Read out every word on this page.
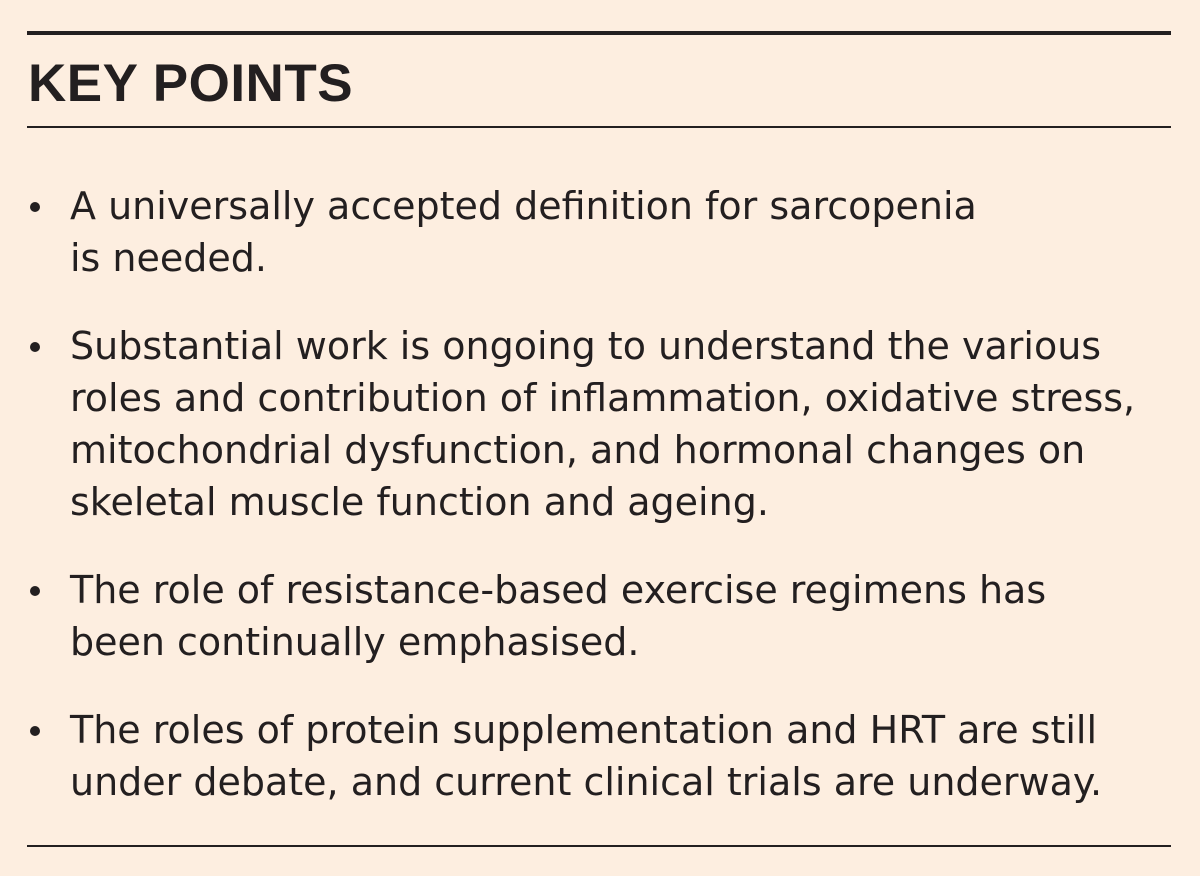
KEY POINTS
A universally accepted definition for sarcopenia
is needed.
Substantial work is ongoing to understand the various
roles and contribution of inflammation, oxidative stress,
mitochondrial dysfunction, and hormonal changes on
skeletal muscle function and ageing.
The role of resistance-based exercise regimens has
been continually emphasised.
The roles of protein supplementation and HRT are still
under debate, and current clinical trials are underway.
